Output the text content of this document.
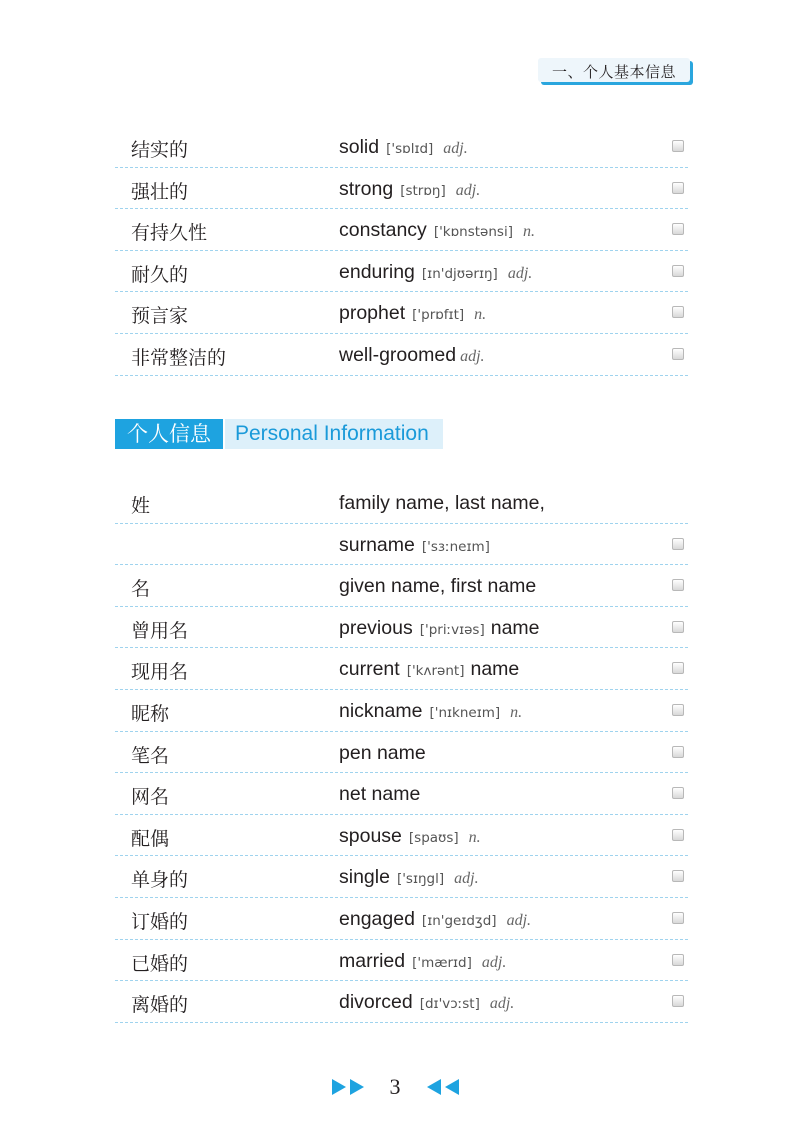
一、个人基本信息
结实的	solid ['sɒlɪd] adj.
强壮的	strong [strɒŋ] adj.
有持久性	constancy ['kɒnstənsi] n.
耐久的	enduring [ɪn'djʊərɪŋ] adj.
预言家	prophet ['prɒfɪt] n.
非常整洁的	well-groomed adj.
个人信息	Personal Information
姓	family name, last name,
surname ['sɜːneɪm]
名	given name, first name
曾用名	previous ['priːvɪəs] name
现用名	current ['kʌrənt] name
昵称	nickname ['nɪkneɪm] n.
笔名	pen name
网名	net name
配偶	spouse [spaʊs] n.
单身的	single ['sɪŋgl] adj.
订婚的	engaged [ɪn'geɪdʒd] adj.
已婚的	married ['mærɪd] adj.
离婚的	divorced [dɪ'vɔːst] adj.
3
